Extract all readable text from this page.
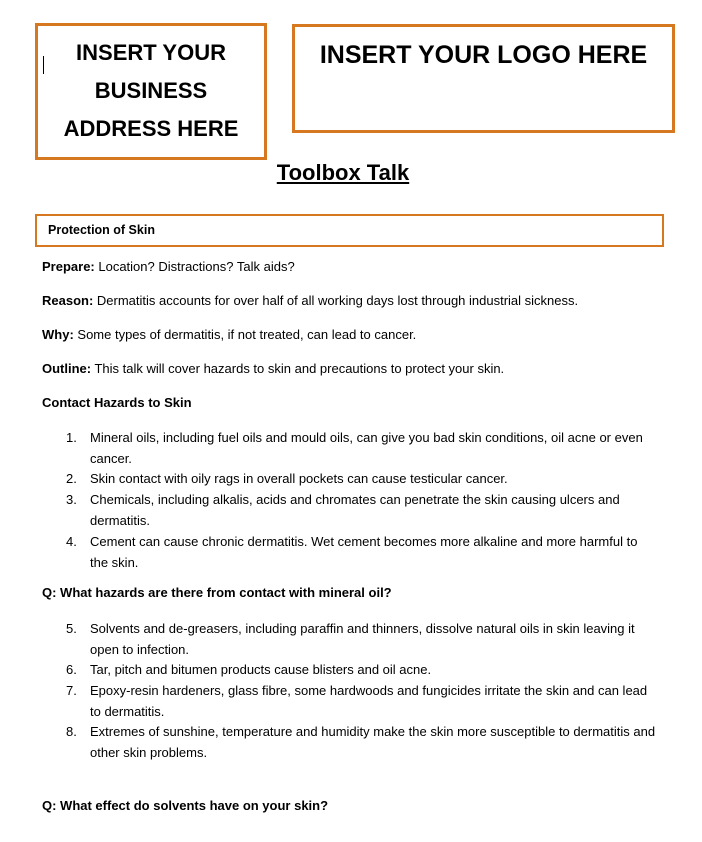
INSERT YOUR
BUSINESS
ADDRESS HERE
INSERT YOUR LOGO HERE
Toolbox Talk
Protection of Skin
Prepare: Location? Distractions? Talk aids?
Reason: Dermatitis accounts for over half of all working days lost through industrial sickness.
Why: Some types of dermatitis, if not treated, can lead to cancer.
Outline: This talk will cover hazards to skin and precautions to protect your skin.
Contact Hazards to Skin
1.	Mineral oils, including fuel oils and mould oils, can give you bad skin conditions, oil acne or even cancer.
2.	Skin contact with oily rags in overall pockets can cause testicular cancer.
3.	Chemicals, including alkalis, acids and chromates can penetrate the skin causing ulcers and dermatitis.
4.	Cement can cause chronic dermatitis. Wet cement becomes more alkaline and more harmful to the skin.
Q: What hazards are there from contact with mineral oil?
5.	Solvents and de-greasers, including paraffin and thinners, dissolve natural oils in skin leaving it open to infection.
6.	Tar, pitch and bitumen products cause blisters and oil acne.
7.	Epoxy-resin hardeners, glass fibre, some hardwoods and fungicides irritate the skin and can lead to dermatitis.
8.	Extremes of sunshine, temperature and humidity make the skin more susceptible to dermatitis and other skin problems.
Q: What effect do solvents have on your skin?
